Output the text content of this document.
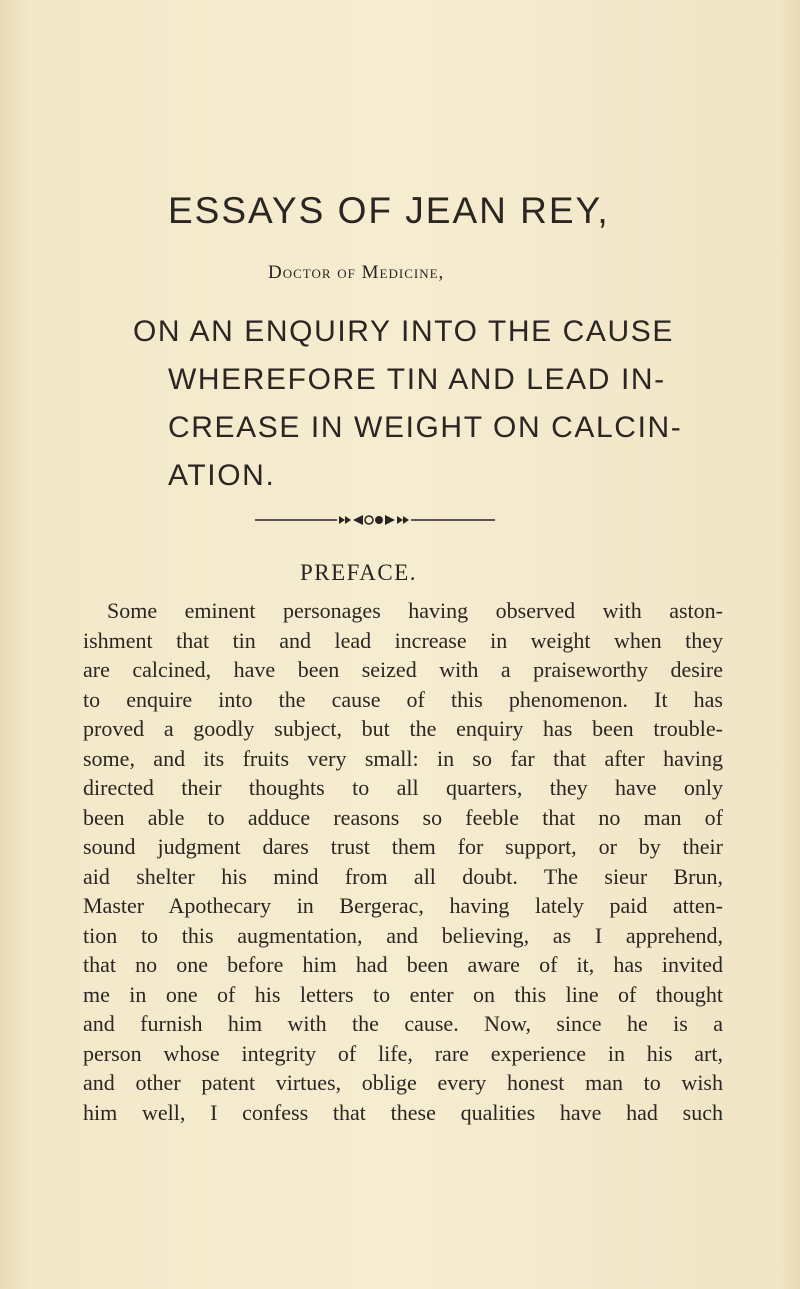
ESSAYS OF JEAN REY,
Doctor of Medicine,
ON AN ENQUIRY INTO THE CAUSE
WHEREFORE TIN AND LEAD IN-
CREASE IN WEIGHT ON CALCIN-
ATION.
PREFACE.
Some eminent personages having observed with aston-
ishment that tin and lead increase in weight when they
are calcined, have been seized with a praiseworthy desire
to enquire into the cause of this phenomenon. It has
proved a goodly subject, but the enquiry has been trouble-
some, and its fruits very small: in so far that after having
directed their thoughts to all quarters, they have only
been able to adduce reasons so feeble that no man of
sound judgment dares trust them for support, or by their
aid shelter his mind from all doubt. The sieur Brun,
Master Apothecary in Bergerac, having lately paid atten-
tion to this augmentation, and believing, as I apprehend,
that no one before him had been aware of it, has invited
me in one of his letters to enter on this line of thought
and furnish him with the cause. Now, since he is a
person whose integrity of life, rare experience in his art,
and other patent virtues, oblige every honest man to wish
him well, I confess that these qualities have had such
